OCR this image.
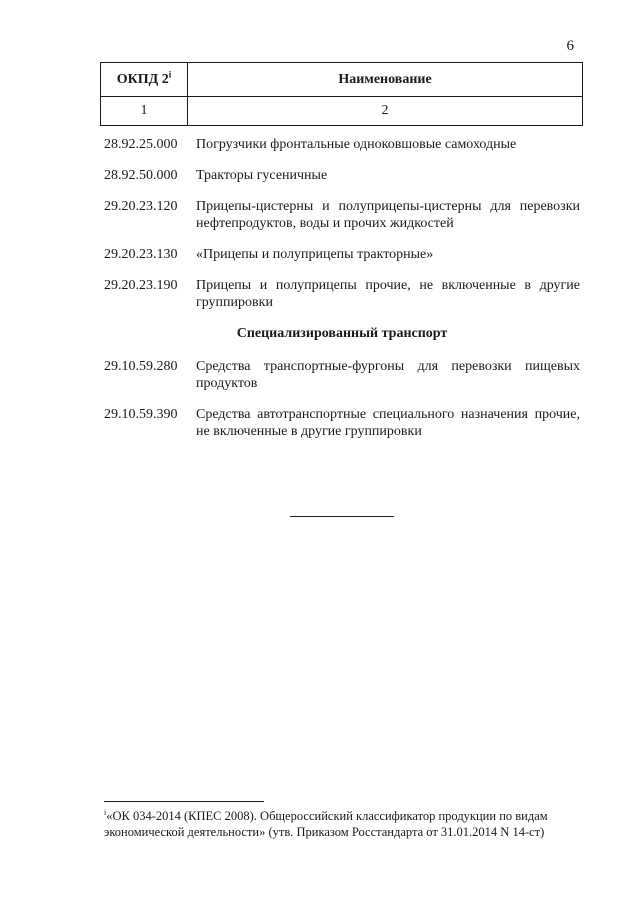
6
ОКПД 2$^i$	Наименование
1	2
28.92.25.000	Погрузчики фронтальные одноковшовые самоходные
28.92.50.000	Тракторы гусеничные
29.20.23.120	Прицепы-цистерны и полуприцепы-цистерны для перевозки нефтепродуктов, воды и прочих жидкостей
29.20.23.130	«Прицепы и полуприцепы тракторные»
29.20.23.190	Прицепы и полуприцепы прочие, не включенные в другие группировки
Специализированный транспорт
29.10.59.280	Средства транспортные-фургоны для перевозки пищевых продуктов
29.10.59.390	Средства автотранспортные специального назначения прочие, не включенные в другие группировки
$^i$«ОК 034-2014 (КПЕС 2008). Общероссийский классификатор продукции по видам экономической деятельности» (утв. Приказом Росстандарта от 31.01.2014 N 14-ст)
